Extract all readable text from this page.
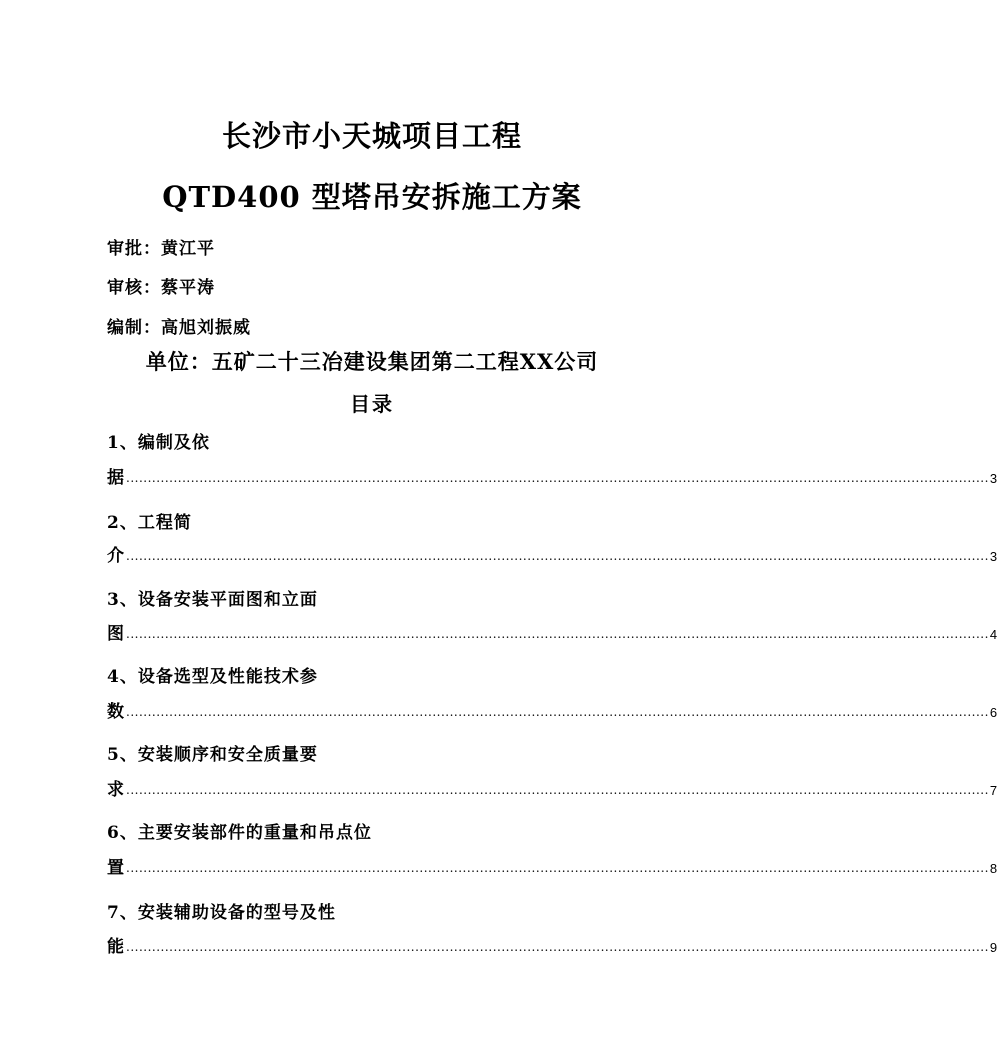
长沙市小天城项目工程
QTD400 型塔吊安拆施工方案
审批：黄江平
审核：蔡平涛
编制：高旭刘振威
单位：五矿二十三冶建设集团第二工程XX公司
目录
1、编制及依
据 ........................................................................................................................................................................................................ 3
2、工程简
介 ........................................................................................................................................................................................................ 3
3、设备安装平面图和立面
图 ........................................................................................................................................................................................................ 4
4、设备选型及性能技术参
数 ........................................................................................................................................................................................................ 6
5、安装顺序和安全质量要
求 ........................................................................................................................................................................................................ 7
6、主要安装部件的重量和吊点位
置 ........................................................................................................................................................................................................ 8
7、安装辅助设备的型号及性
能 ........................................................................................................................................................................................................ 9
